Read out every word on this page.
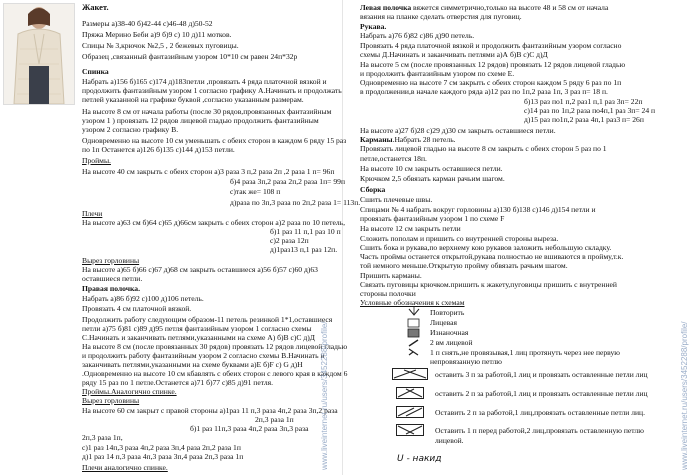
Жакет.
Размеры а)38-40 б)42-44 с)46-48 д)50-52
Пряжа Мерино Беби а)9 б)9 с) 10 д)11 мотков.
Спицы № 3,крючок №2,5 , 2 бежевых пуговицы.
Образец ,связанный фантазийным узором 10*10 см равен 24п*32р
Спинка
Набрать а)156 б)165 с)174 д)183петли ,провязать 4 ряда платочной вязкой и
продолжить фантазийным узором 1 согласно графику А.Начинать и продолжать
петлей указанной на графике буквой ,согласно указанным размерам.
На высоте 8 см от начала работы (после 30 рядов,провязанных фантазийным
узором 1 ) провязать 12 рядов лицевой гладью продолжить фантазийным
узором 2 согласно графику В.
Одновременно на высоте 10 см уменьшать с обеих сторон в каждом 6 ряду 15 раз
по 1п Останется а)126 б)135 с)144 д)153 петли.
Проймы.
На высоте 40 см закрыть с обеих сторон а)3 раза 3 п,2 раза 2п ,2 раза 1 п= 96п
б)4 раза 3п,2 раза 2п,2 раза 1п= 99п
с)так же= 108 п
д)раза по 3п,3 раза по 2п,2 раза 1= 113п.
Плечи
На высоте а)63 см б)64 с)65 д)66см закрыть с обеих сторон а)2 раза по 10 петель,
б)1 раз 11 п,1 раз 10 п
с)2 раза 12п
д)1раз13 п,1 раз 12п.
Вырез горловины
На высоте а)65 б)66 с)67 д)68 см закрыть оставшиеся а)56 б)57 с)60 д)63
оставшиеся петли.
Правая полочка.
Набрать а)86 б)92 с)100 д)106 петель.
Провязать 4 см платочной вязкой.
Продолжить работу следующим образом-11 петель резинкой 1*1,оставшиеся
петли а)75 б)81 с)89 д)95 петля фантазийным узором 1 согласно схемы
С.Начинать и заканчивать петлями,указанными на схеме А) б)В с)С д)Д
На высоте 8 см (после провязанных 30 рядов) провязать 12 рядов лицевой гладью
и продолжить работу фантазийным узором 2 согласно схемы В.Начинать и
заканчивать петлями,указанными на схеме буквами а)Е б)F с) G д)Н
.Одновременно на высоте 10 см кбавлять с обеих сторон с левого края в каждом 6
ряду 15 раз по 1 петле.Останется а)71 б)77 с)85 д)91 петля.
Проймы.Аналогично спинке.
Вырез горловины
На высоте 60 см закрыт с правой стороны а)1раз 11 п,3 раза 4п,2 раза 3п,2 раза
2п,3 раза 1п
б)1 раз 11п,3 раза 4п,2 раза 3п,3 раза
2п,3 раза 1п,
с)1 раз 14п,3 раза 4п,2 раза 3п,4 раза 2п,2 раза 1п
д)1 раз 14 п,3 раза 4п,3 раза 3п,4 раза 2п,3 раза 1п
Плечи аналогично спинке.	www.liveinternet.ru/users/3452288/profile/
Левая полочка вяжется симметрично,только на высоте 48 и 58 см от начала
вязания на планке сделать отверстия для пуговиц.
Рукава.
Набрать а)76 б)82 с)86 д)90 петель.
Провязать 4 ряда платочной вязкой и продолжить фантазийным узором согласно
схемы Д.Начинать и заканчивать петлями а)А б)В с)С д)Д
На высоте 5 см (после провязанных 12 рядов) провязать 12 рядов лицевой гладью
и продолжить фантазийным узором по схеме Е.
Одновременно на высоте 7 см закрыть с обеих сторон каждом 5 ряду 6 раз по 1п
в продолжении,в начале каждого ряда а)12 раз по 1п,2 раза 1п, 3 раз п= 18 п.
б)13 раз по1 п,2 раз1 п,1 раз 3п= 22п
с)14 раз по 1п,2 раза по4п,1 раз 3п= 24 п
д)15 раз по1п,2 раза 4п,1 раз3 п= 26п
На высоте а)27 б)28 с)29 д)30 см закрыть оставшиеся петли.
Карманы.Набрать 28 петель.
Провязать лицевой гладью на высоте 8 см закрыть с обеих сторон 5 раз по 1
петле,останется 18п.
На высоте 10 см закрыть оставшиеся петли.
Крючком 2,5 обвязать карман рачьим шагом.
Сборка
Сшить плечевые швы.
Спицами № 4 набрать вокруг горловины а)130 б)138 с)146 д)154 петли и
провязать фантазийным узором 1 по схеме F
На высоте 12 см закрыть петли
Сложить пополам и пришить со внутренней стороны выреза.
Сшить бока и рукава,по верхнему кою рукавов заложить небольшую складку.
Часть проймы останется открытой,рукава полностью не вшиваются в пройму,т.к.
той немного меньше.Открытую пройму обвязать рачьим шагом.
Пришить карманы.
Связать пуговицы крючком.пришить к жакету,пуговицы пришить с внутренней
стороны полочки
Условные обозначения к схемам
Повторить
Лицевая
Изнаночная
2 вм лицевой
1 п снять,не провязывая,1 лиц протянуть через нее первую
непровязанную петлю
оставить 3 п за работой,1 лиц и провязать оставленные петли лиц
оставить 2 п за работой,1 лиц и провязать оставленные петли лиц
Оставить 2 п за работой,1 лиц,провязать оставленные петли лиц.
Оставить 1 п перед работой,2 лиц,провязать оставленную петлю
лицевой.
U - накид	www.liveinternet.ru/users/3452288/profile/
